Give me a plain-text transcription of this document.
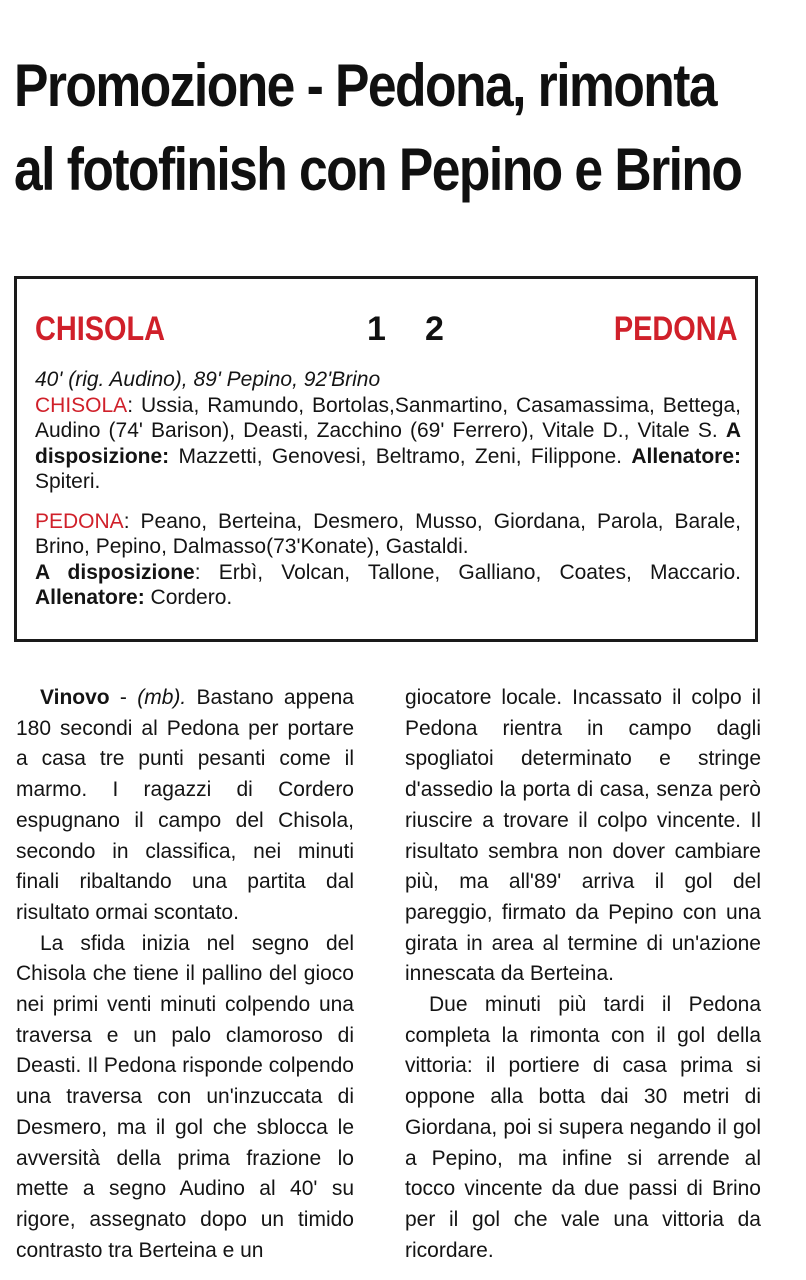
Promozione - Pedona, rimonta
al fotofinish con Pepino e Brino
CHISOLA	1 2	PEDONA

40' (rig. Audino), 89' Pepino, 92'Brino

CHISOLA: Ussia, Ramundo, Bortolas,Sanmartino, Casamassima, Bettega, Audino (74' Barison), Deasti, Zacchino (69' Ferrero), Vitale D., Vitale S. A disposizione: Mazzetti, Genovesi, Beltramo, Zeni, Filippone. Allenatore: Spiteri.

PEDONA: Peano, Berteina, Desmero, Musso, Giordana, Parola, Barale, Brino, Pepino, Dalmasso(73'Konate), Gastaldi.

A disposizione: Erbì, Volcan, Tallone, Galliano, Coates, Maccario. Allenatore: Cordero.

Vinovo - (mb). Bastano appena 180 secondi al Pedona per portare a casa tre punti pesanti come il marmo. I ragazzi di Cordero espugnano il campo del Chisola, secondo in classifica, nei minuti finali ribaltando una partita dal risultato ormai scontato.

La sfida inizia nel segno del Chisola che tiene il pallino del gioco nei primi venti minuti colpendo una traversa e un palo clamoroso di Deasti. Il Pedona risponde colpendo una traversa con un'inzuccata di Desmero, ma il gol che sblocca le avversità della prima frazione lo mette a segno Audino al 40' su rigore, assegnato dopo un timido contrasto tra Berteina e un

giocatore locale. Incassato il colpo il Pedona rientra in campo dagli spogliatoi determinato e stringe d'assedio la porta di casa, senza però riuscire a trovare il colpo vincente. Il risultato sembra non dover cambiare più, ma all'89' arriva il gol del pareggio, firmato da Pepino con una girata in area al termine di un'azione innescata da Berteina.

Due minuti più tardi il Pedona completa la rimonta con il gol della vittoria: il portiere di casa prima si oppone alla botta dai 30 metri di Giordana, poi si supera negando il gol a Pepino, ma infine si arrende al tocco vincente da due passi di Brino per il gol che vale una vittoria da ricordare.
